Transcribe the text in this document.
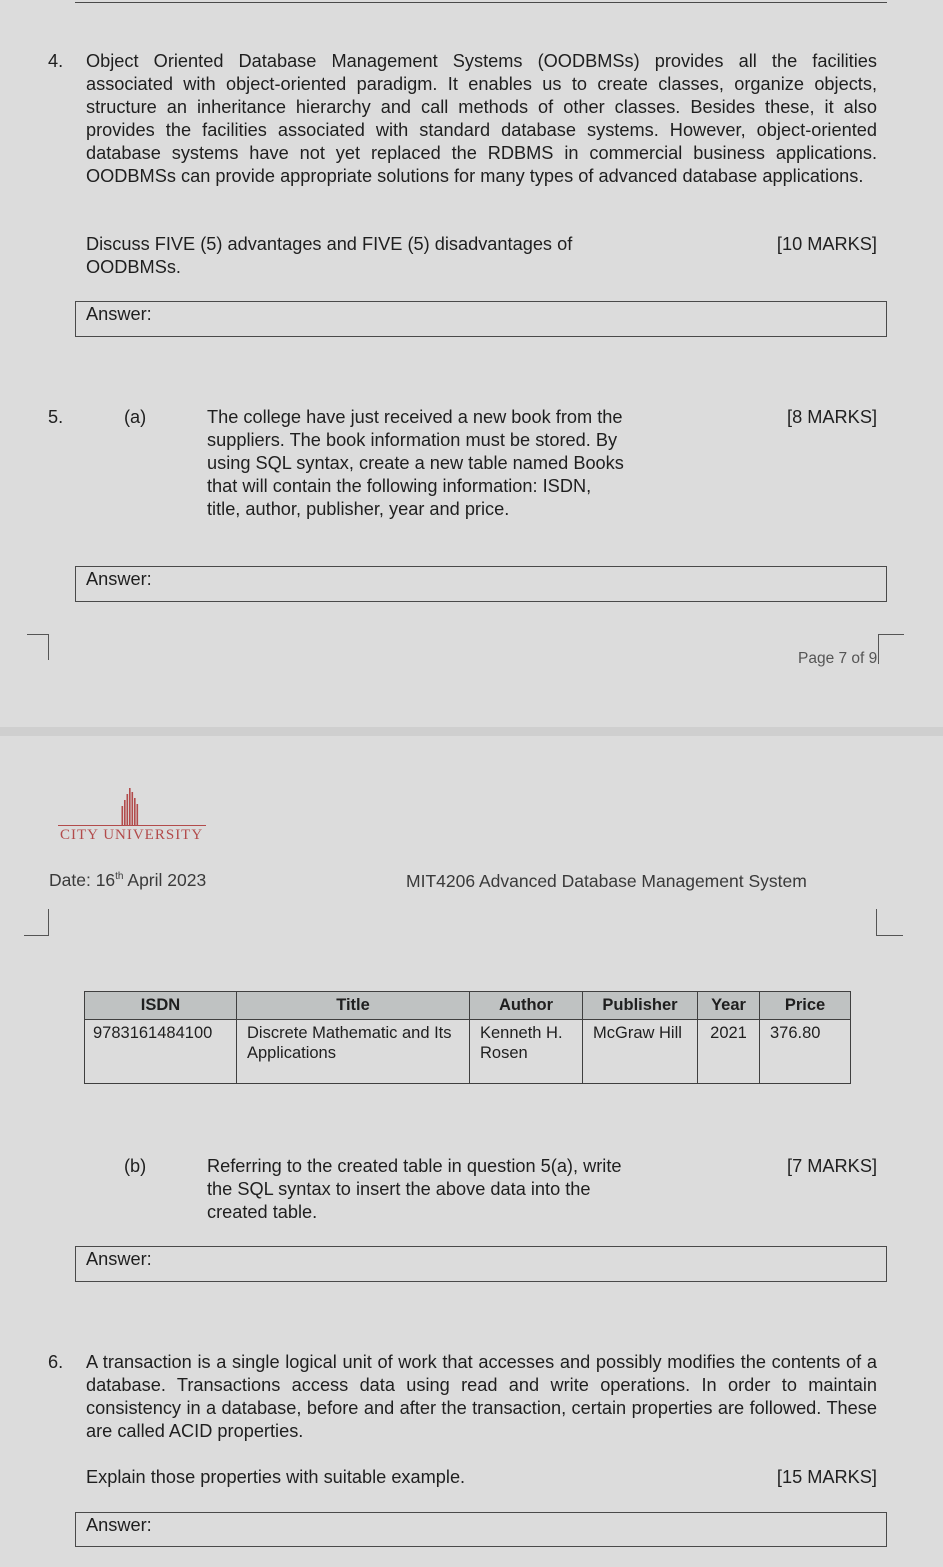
4. Object Oriented Database Management Systems (OODBMSs) provides all the facilities associated with object-oriented paradigm. It enables us to create classes, organize objects, structure an inheritance hierarchy and call methods of other classes. Besides these, it also provides the facilities associated with standard database systems. However, object-oriented database systems have not yet replaced the RDBMS in commercial business applications. OODBMSs can provide appropriate solutions for many types of advanced database applications.
Discuss FIVE (5) advantages and FIVE (5) disadvantages of OODBMSs.
[10 MARKS]
Answer:
5.	(a)	The college have just received a new book from the suppliers. The book information must be stored. By using SQL syntax, create a new table named Books that will contain the following information: ISDN, title, author, publisher, year and price.
[8 MARKS]
Answer:
Page 7 of 9
CITY UNIVERSITY
Date: 16th April 2023	MIT4206 Advanced Database Management System
ISDN	Title	Author	Publisher	Year	Price
9783161484100	Discrete Mathematic and Its Applications	Kenneth H. Rosen	McGraw Hill	2021	376.80
(b)	Referring to the created table in question 5(a), write the SQL syntax to insert the above data into the created table.
[7 MARKS]
Answer:
6. A transaction is a single logical unit of work that accesses and possibly modifies the contents of a database. Transactions access data using read and write operations. In order to maintain consistency in a database, before and after the transaction, certain properties are followed. These are called ACID properties.
Explain those properties with suitable example.	[15 MARKS]
Answer:
